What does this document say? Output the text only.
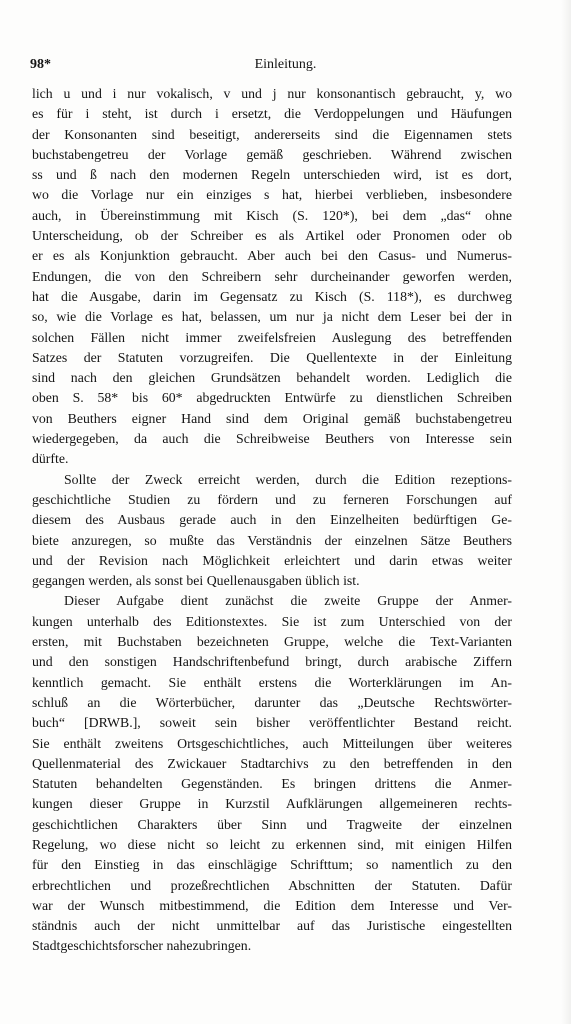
98*	Einleitung.
lich u und i nur vokalisch, v und j nur konsonantisch gebraucht, y, wo
es für i steht, ist durch i ersetzt, die Verdoppelungen und Häufungen
der Konsonanten sind beseitigt, andererseits sind die Eigennamen stets
buchstabengetreu der Vorlage gemäß geschrieben. Während zwischen
ss und ß nach den modernen Regeln unterschieden wird, ist es dort,
wo die Vorlage nur ein einziges s hat, hierbei verblieben, insbesondere
auch, in Übereinstimmung mit Kisch (S. 120*), bei dem „das“ ohne
Unterscheidung, ob der Schreiber es als Artikel oder Pronomen oder ob
er es als Konjunktion gebraucht. Aber auch bei den Casus- und Numerus-
Endungen, die von den Schreibern sehr durcheinander geworfen werden,
hat die Ausgabe, darin im Gegensatz zu Kisch (S. 118*), es durchweg
so, wie die Vorlage es hat, belassen, um nur ja nicht dem Leser bei der in
solchen Fällen nicht immer zweifelsfreien Auslegung des betreffenden
Satzes der Statuten vorzugreifen. Die Quellentexte in der Einleitung
sind nach den gleichen Grundsätzen behandelt worden. Lediglich die
oben S. 58* bis 60* abgedruckten Entwürfe zu dienstlichen Schreiben
von Beuthers eigner Hand sind dem Original gemäß buchstabengetreu
wiedergegeben, da auch die Schreibweise Beuthers von Interesse sein
dürfte.
Sollte der Zweck erreicht werden, durch die Edition rezeptions-
geschichtliche Studien zu fördern und zu ferneren Forschungen auf
diesem des Ausbaus gerade auch in den Einzelheiten bedürftigen Ge-
biete anzuregen, so mußte das Verständnis der einzelnen Sätze Beuthers
und der Revision nach Möglichkeit erleichtert und darin etwas weiter
gegangen werden, als sonst bei Quellenausgaben üblich ist.
Dieser Aufgabe dient zunächst die zweite Gruppe der Anmer-
kungen unterhalb des Editionstextes. Sie ist zum Unterschied von der
ersten, mit Buchstaben bezeichneten Gruppe, welche die Text-Varianten
und den sonstigen Handschriftenbefund bringt, durch arabische Ziffern
kenntlich gemacht. Sie enthält erstens die Worterklärungen im An-
schluß an die Wörterbücher, darunter das „Deutsche Rechtswörter-
buch“ [DRWB.], soweit sein bisher veröffentlichter Bestand reicht.
Sie enthält zweitens Ortsgeschichtliches, auch Mitteilungen über weiteres
Quellenmaterial des Zwickauer Stadtarchivs zu den betreffenden in den
Statuten behandelten Gegenständen. Es bringen drittens die Anmer-
kungen dieser Gruppe in Kurzstil Aufklärungen allgemeineren rechts-
geschichtlichen Charakters über Sinn und Tragweite der einzelnen
Regelung, wo diese nicht so leicht zu erkennen sind, mit einigen Hilfen
für den Einstieg in das einschlägige Schrifttum; so namentlich zu den
erbrechtlichen und prozeßrechtlichen Abschnitten der Statuten. Dafür
war der Wunsch mitbestimmend, die Edition dem Interesse und Ver-
ständnis auch der nicht unmittelbar auf das Juristische eingestellten
Stadtgeschichtsforscher nahezubringen.
